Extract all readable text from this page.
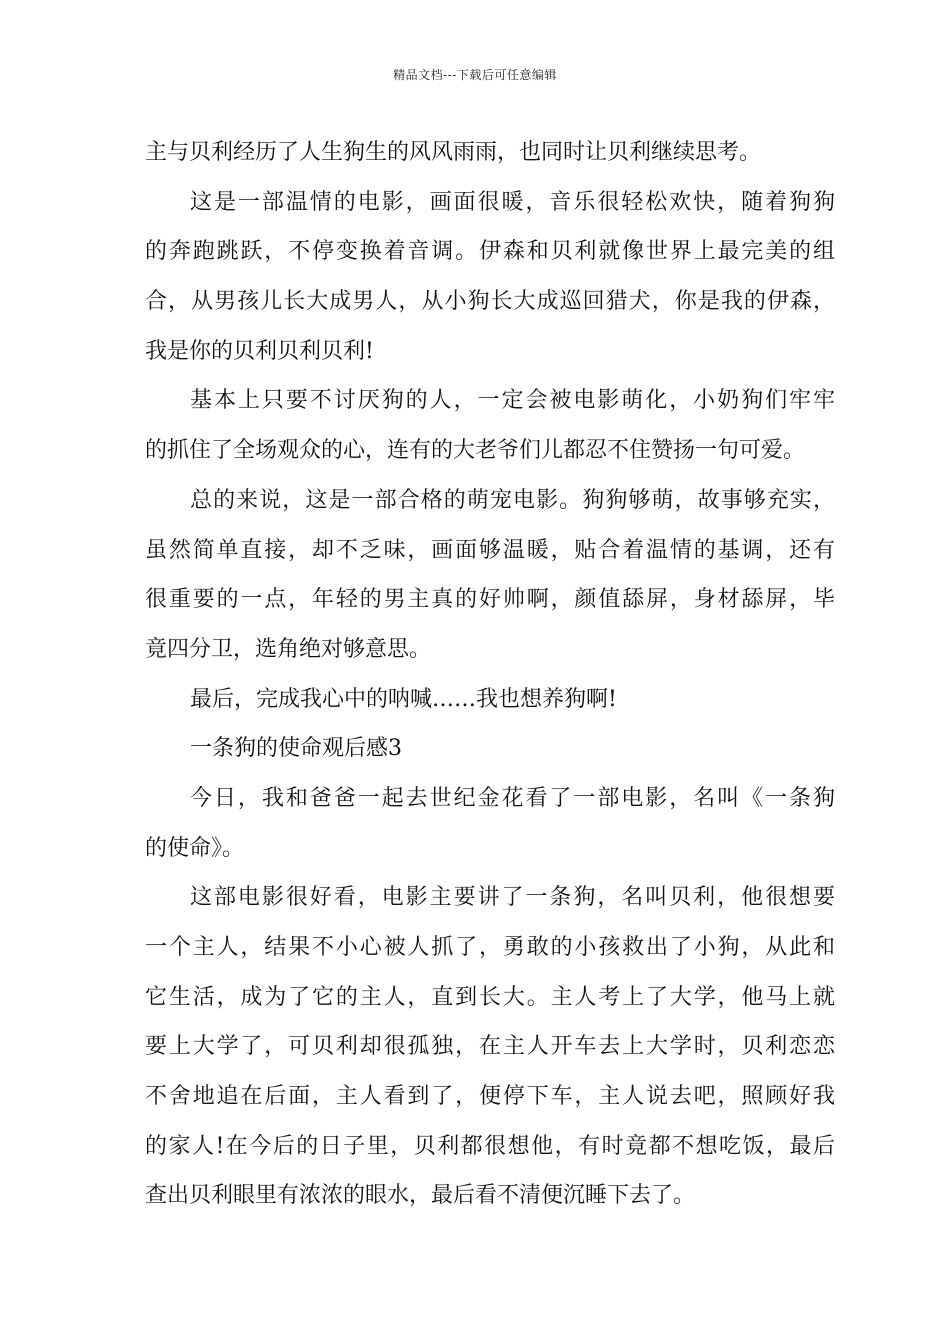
精品文档---下载后可任意编辑
主与贝利经历了人生狗生的风风雨雨，也同时让贝利继续思考。
这是一部温情的电影，画面很暖，音乐很轻松欢快，随着狗狗
的奔跑跳跃，不停变换着音调。伊森和贝利就像世界上最完美的组
合，从男孩儿长大成男人，从小狗长大成巡回猎犬，你是我的伊森，
我是你的贝利贝利贝利!
基本上只要不讨厌狗的人，一定会被电影萌化，小奶狗们牢牢
的抓住了全场观众的心，连有的大老爷们儿都忍不住赞扬一句可爱。
总的来说，这是一部合格的萌宠电影。狗狗够萌，故事够充实，
虽然简单直接，却不乏味，画面够温暖，贴合着温情的基调，还有
很重要的一点，年轻的男主真的好帅啊，颜值舔屏，身材舔屏，毕
竟四分卫，选角绝对够意思。
最后，完成我心中的呐喊……我也想养狗啊!
一条狗的使命观后感3
今日，我和爸爸一起去世纪金花看了一部电影，名叫《一条狗
的使命》。
这部电影很好看，电影主要讲了一条狗，名叫贝利，他很想要
一个主人，结果不小心被人抓了，勇敢的小孩救出了小狗，从此和
它生活，成为了它的主人，直到长大。主人考上了大学，他马上就
要上大学了，可贝利却很孤独，在主人开车去上大学时，贝利恋恋
不舍地追在后面，主人看到了，便停下车，主人说去吧，照顾好我
的家人!在今后的日子里，贝利都很想他，有时竟都不想吃饭，最后
查出贝利眼里有浓浓的眼水，最后看不清便沉睡下去了。
